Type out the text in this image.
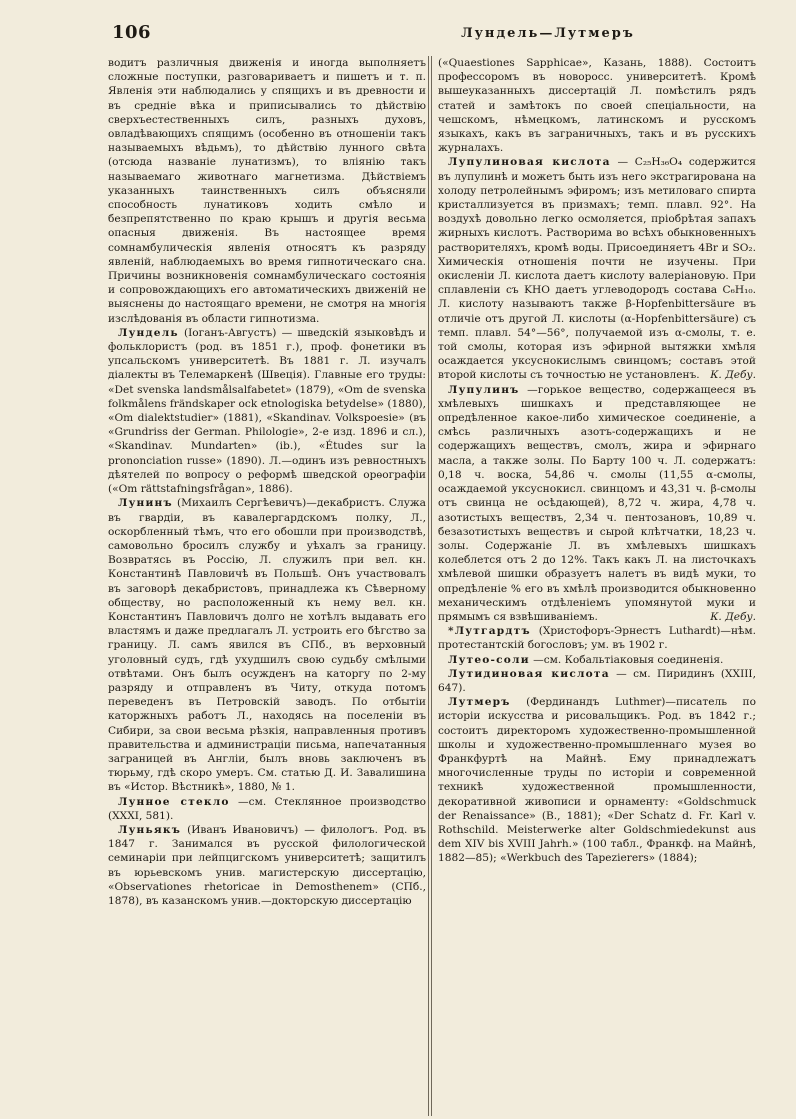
106	Лундель—Лутмеръ

водитъ различныя движенія и иногда выполняетъ сложные поступки, разговариваетъ и пишетъ и т. п. Явленія эти наблюдались у спящихъ и въ древности и въ средніе вѣка и приписывались то дѣйствію сверхъестественныхъ силъ, разныхъ духовъ, овладѣвающихъ спящимъ (особенно въ отношеніи такъ называемыхъ вѣдьмъ), то дѣйствію лунного свѣта (отсюда названіе лунатизмъ), то вліянію такъ называемаго животнаго магнетизма. Дѣйствіемъ указанныхъ таинственныхъ силъ объясняли способность лунатиковъ ходить смѣло и безпрепятственно по краю крышъ и другія весьма опасныя движенія. Въ настоящее время сомнамбулическія явленія относятъ къ разряду явленій, наблюдаемыхъ во время гипнотическаго сна. Причины возникновенія сомнамбулическаго состоянія и сопровождающихъ его автоматическихъ движеній не выяснены до настоящаго времени, не смотря на многія изслѣдованія въ области гипнотизма.

Лундель (Іоганъ-Августъ) — шведскій языковѣдъ и фольклористъ (род. въ 1851 г.), проф. фонетики въ упсальскомъ университетѣ. Въ 1881 г. Л. изучалъ діалекты въ Телемаркенѣ (Швеція). Главные его труды: «Det svenska landsmålsalfabetet» (1879), «Om de svenska folkmålens frändskaper ock etnologiska betydelse» (1880), «Om dialektstudier» (1881), «Skandinav. Volkspoesie» (въ «Grundriss der German. Philologie», 2-е изд. 1896 и сл.), «Skandinav. Mundarten» (ib.), «Études sur la prononciation russe» (1890). Л.—одинъ изъ ревностныхъ дѣятелей по вопросу о реформѣ шведской орѳографіи («Om rättstafningsfrågan», 1886).

Лунинъ (Михаилъ Сергѣевичъ)—декабристъ. Служа въ гвардіи, въ кавалергардскомъ полку, Л., оскорбленный тѣмъ, что его обошли при производствѣ, самовольно бросилъ службу и уѣхалъ за границу. Возвратясь въ Россію, Л. служилъ при вел. кн. Константинѣ Павловичѣ въ Польшѣ. Онъ участвовалъ въ заговорѣ декабристовъ, принадлежа къ Сѣверному обществу, но расположенный къ нему вел. кн. Константинъ Павловичъ долго не хотѣлъ выдавать его властямъ и даже предлагалъ Л. устроить его бѣгство за границу. Л. самъ явился въ СПб., въ верховный уголовный судъ, гдѣ ухудшилъ свою судьбу смѣлыми отвѣтами. Онъ былъ осужденъ на каторгу по 2-му разряду и отправленъ въ Читу, откуда потомъ переведенъ въ Петровскій заводъ. По отбытіи каторжныхъ работъ Л., находясь на поселеніи въ Сибири, за свои весьма рѣзкія, направленныя противъ правительства и администраціи письма, напечатанныя заграницей въ Англіи, былъ вновь заключенъ въ тюрьму, гдѣ скоро умеръ. См. статью Д. И. Завалишина въ «Истор. Вѣстникѣ», 1880, № 1.

Лунное стекло —см. Стеклянное производство (XXXI, 581).

Луньякъ (Иванъ Ивановичъ) — филологъ. Род. въ 1847 г. Занимался въ русской филологической семинаріи при лейпцигскомъ университетѣ; защитилъ въ юрьевскомъ унив. магистерскую диссертацію, «Observationes rhetoricae in Demosthenem» (СПб., 1878), въ казанскомъ унив.—докторскую диссертацію

(«Quaestiones Sapphicae», Казань, 1888). Состоитъ профессоромъ въ новоросс. университетѣ. Кромѣ вышеуказанныхъ диссертацій Л. помѣстилъ рядъ статей и замѣтокъ по своей спеціальности, на чешскомъ, нѣмецкомъ, латинскомъ и русскомъ языкахъ, какъ въ заграничныхъ, такъ и въ русскихъ журналахъ.

Лупулиновая кислота — C₂₅H₃₆O₄ содержится въ лупулинѣ и можетъ быть изъ него экстрагирована на холоду петролейнымъ эфиромъ; изъ метиловаго спирта кристаллизуется въ призмахъ; темп. плавл. 92°. На воздухѣ довольно легко осмоляется, пріобрѣтая запахъ жирныхъ кислотъ. Растворима во всѣхъ обыкновенныхъ растворителяхъ, кромѣ воды. Присоединяетъ 4Br и SO₂. Химическія отношенія почти не изучены. При окисленіи Л. кислота даетъ кислоту валеріановую. При сплавленіи съ KHO даетъ углеводородъ состава C₆H₁₀. Л. кислоту называютъ также β-Hopfenbittersäure въ отличіе отъ другой Л. кислоты (α-Hopfenbittersäure) съ темп. плавл. 54°—56°, получаемой изъ α-смолы, т. е. той смолы, которая изъ эфирной вытяжки хмѣля осаждается уксуснокислымъ свинцомъ; составъ этой второй кислоты съ точностью не установленъ. К. Дебу.

Лупулинъ —горькое вещество, содержащееся въ хмѣлевыхъ шишкахъ и представляющее не опредѣленное какое-либо химическое соединеніе, а смѣсь различныхъ азотъ-содержащихъ и не содержащихъ веществъ, смолъ, жира и эфирнаго масла, а также золы. По Барту 100 ч. Л. содержатъ: 0,18 ч. воска, 54,86 ч. смолы (11,55 α-смолы, осаждаемой уксуснокисл. свинцомъ и 43,31 ч. β-смолы отъ свинца не осѣдающей), 8,72 ч. жира, 4,78 ч. азотистыхъ веществъ, 2,34 ч. пентозановъ, 10,89 ч. безазотистыхъ веществъ и сырой клѣтчатки, 18,23 ч. золы. Содержаніе Л. въ хмѣлевыхъ шишкахъ колеблется отъ 2 до 12%. Такъ какъ Л. на листочкахъ хмѣлевой шишки образуетъ налетъ въ видѣ муки, то опредѣленіе % его въ хмѣлѣ производится обыкновенно механическимъ отдѣленіемъ упомянутой муки и прямымъ ся взвѣшиваніемъ.	К. Дебу.

*Лутгардтъ (Христофоръ-Эрнестъ Luthardt)—нѣм. протестантскій богословъ; ум. въ 1902 г.

Лутео-соли —см. Кобальтіаковыя соединенія.

Лутидиновая кислота — см. Пиридинъ (XXIII, 647).

Лутмеръ (Фердинандъ Luthmer)—писатель по исторіи искусства и рисовальщикъ. Род. въ 1842 г.; состоитъ директоромъ художественно-промышленной школы и художественно-промышленнаго музея во Франкфуртѣ на Майнѣ. Ему принадлежатъ многочисленные труды по исторіи и современной техникѣ художественной промышленности, декоративной живописи и орнаменту: «Goldschmuck der Renaissance» (B., 1881); «Der Schatz d. Fr. Karl v. Rothschild. Meisterwerke alter Goldschmiedekunst aus dem XIV bis XVIII Jahrh.» (100 табл., Франкф. на Майнѣ, 1882—85); «Werkbuch des Tapezierers» (1884);
